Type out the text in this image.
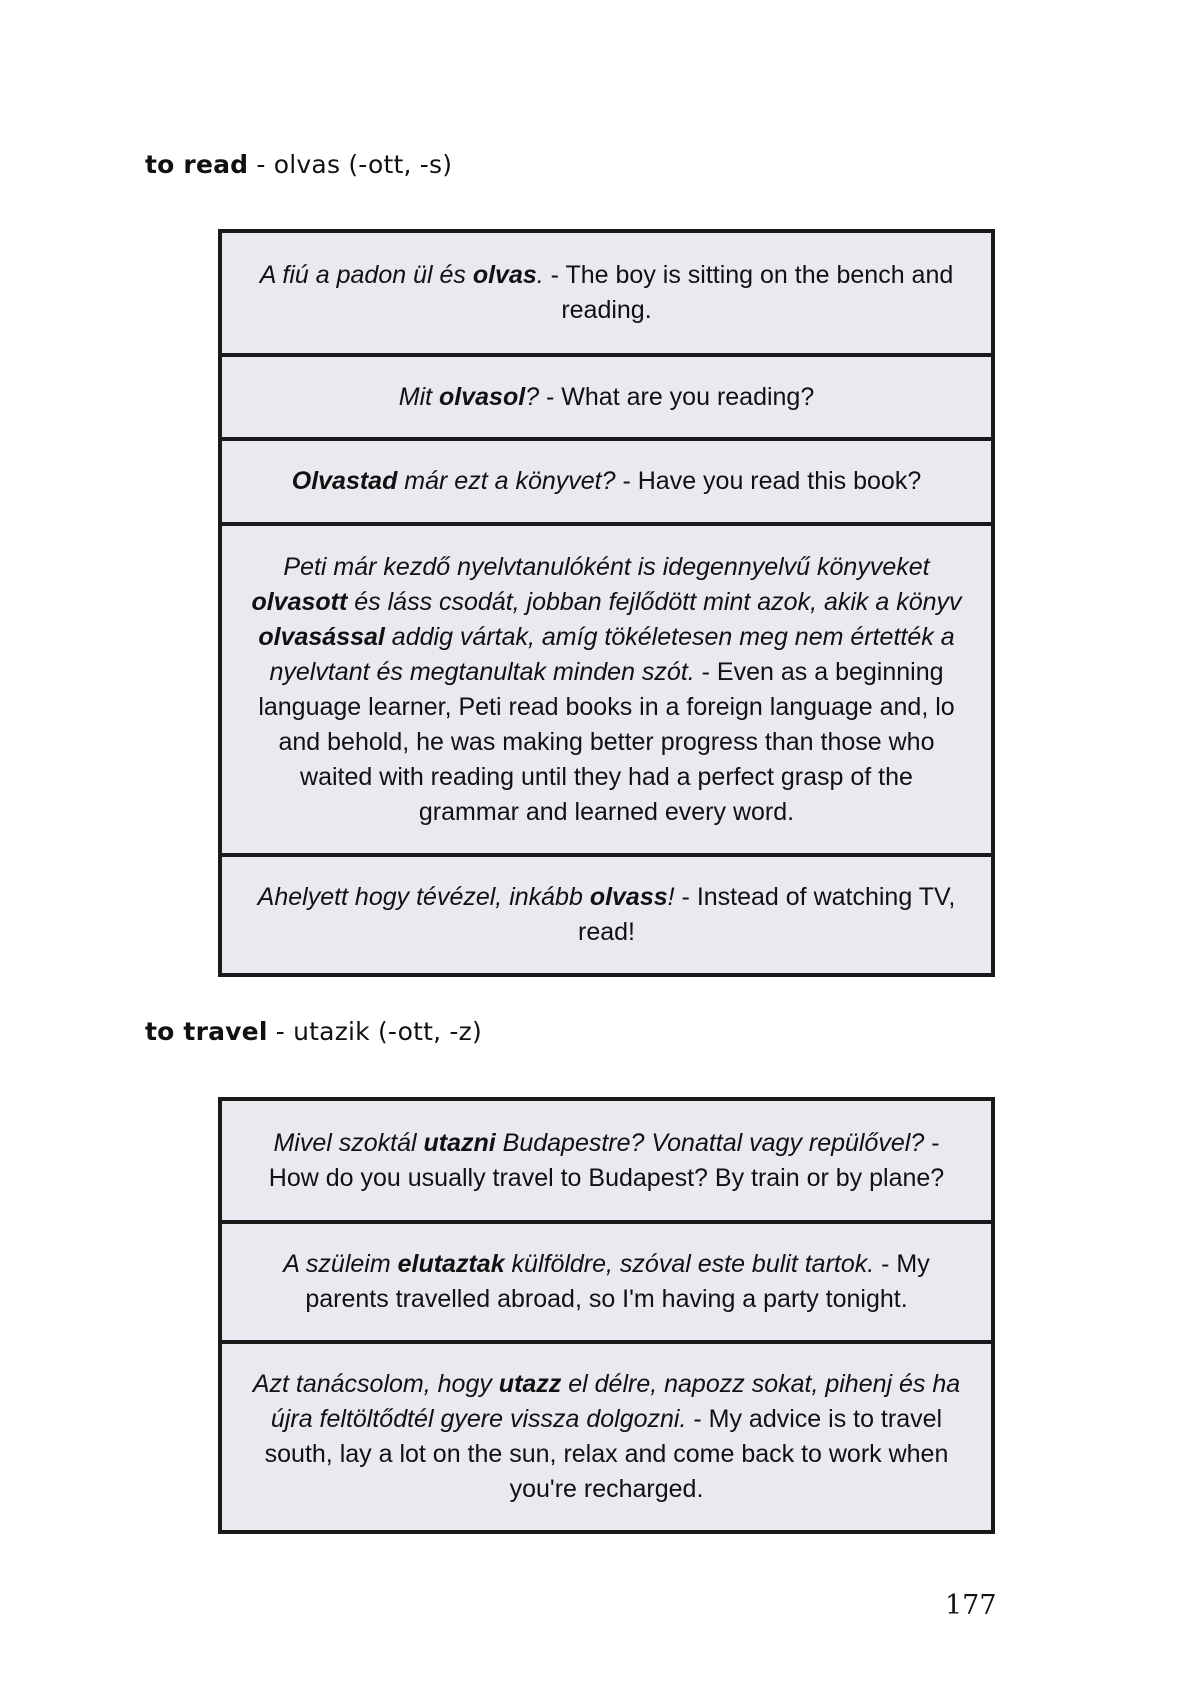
to read - olvas (-ott, -s)

A fiú a padon ül és olvas. - The boy is sitting on the bench and reading.

Mit olvasol? - What are you reading?

Olvastad már ezt a könyvet? - Have you read this book?

Peti már kezdő nyelvtanulóként is idegennyelvű könyveket olvasott és láss csodát, jobban fejlődött mint azok, akik a könyv olvasással addig vártak, amíg tökéletesen meg nem értették a nyelvtant és megtanultak minden szót. - Even as a beginning language learner, Peti read books in a foreign language and, lo and behold, he was making better progress than those who waited with reading until they had a perfect grasp of the grammar and learned every word.

Ahelyett hogy tévézel, inkább olvass! - Instead of watching TV, read!

to travel - utazik (-ott, -z)

Mivel szoktál utazni Budapestre? Vonattal vagy repülővel? - How do you usually travel to Budapest? By train or by plane?

A szüleim elutaztak külföldre, szóval este bulit tartok. - My parents travelled abroad, so I'm having a party tonight.

Azt tanácsolom, hogy utazz el délre, napozz sokat, pihenj és ha újra feltöltődtél gyere vissza dolgozni. - My advice is to travel south, lay a lot on the sun, relax and come back to work when you're recharged.

177
